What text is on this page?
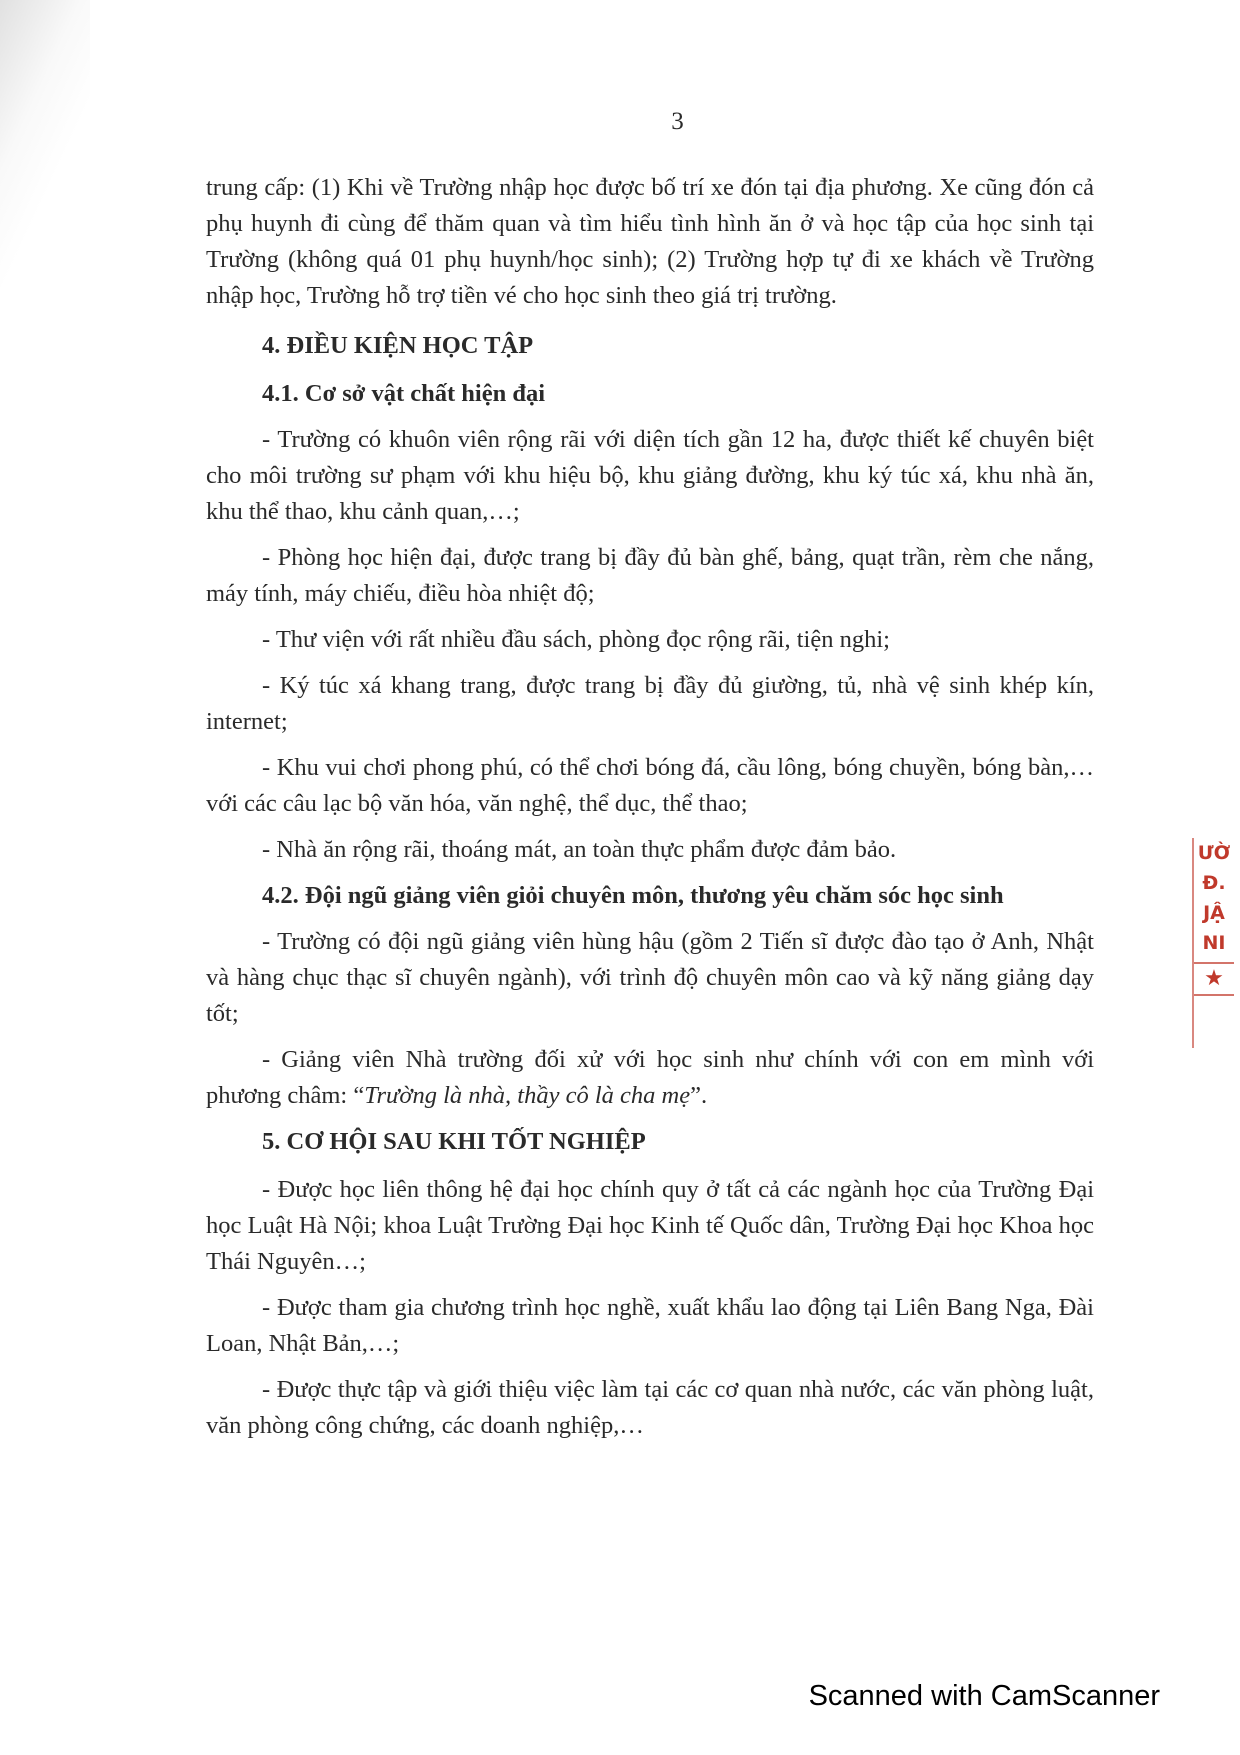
3

trung cấp: (1) Khi về Trường nhập học được bố trí xe đón tại địa phương. Xe cũng đón cả phụ huynh đi cùng để thăm quan và tìm hiểu tình hình ăn ở và học tập của học sinh tại Trường (không quá 01 phụ huynh/học sinh); (2) Trường hợp tự đi xe khách về Trường nhập học, Trường hỗ trợ tiền vé cho học sinh theo giá trị trường.

4. ĐIỀU KIỆN HỌC TẬP
4.1. Cơ sở vật chất hiện đại

- Trường có khuôn viên rộng rãi với diện tích gần 12 ha, được thiết kế chuyên biệt cho môi trường sư phạm với khu hiệu bộ, khu giảng đường, khu ký túc xá, khu nhà ăn, khu thể thao, khu cảnh quan,…;

- Phòng học hiện đại, được trang bị đầy đủ bàn ghế, bảng, quạt trần, rèm che nắng, máy tính, máy chiếu, điều hòa nhiệt độ;

- Thư viện với rất nhiều đầu sách, phòng đọc rộng rãi, tiện nghi;

- Ký túc xá khang trang, được trang bị đầy đủ giường, tủ, nhà vệ sinh khép kín, internet;

- Khu vui chơi phong phú, có thể chơi bóng đá, cầu lông, bóng chuyền, bóng bàn,… với các câu lạc bộ văn hóa, văn nghệ, thể dục, thể thao;

- Nhà ăn rộng rãi, thoáng mát, an toàn thực phẩm được đảm bảo.

4.2. Đội ngũ giảng viên giỏi chuyên môn, thương yêu chăm sóc học sinh

- Trường có đội ngũ giảng viên hùng hậu (gồm 2 Tiến sĩ được đào tạo ở Anh, Nhật và hàng chục thạc sĩ chuyên ngành), với trình độ chuyên môn cao và kỹ năng giảng dạy tốt;

- Giảng viên Nhà trường đối xử với học sinh như chính với con em mình với phương châm: “Trường là nhà, thầy cô là cha mẹ”.

5. CƠ HỘI SAU KHI TỐT NGHIỆP

- Được học liên thông hệ đại học chính quy ở tất cả các ngành học của Trường Đại học Luật Hà Nội; khoa Luật Trường Đại học Kinh tế Quốc dân, Trường Đại học Khoa học Thái Nguyên…;

- Được tham gia chương trình học nghề, xuất khẩu lao động tại Liên Bang Nga, Đài Loan, Nhật Bản,…;

- Được thực tập và giới thiệu việc làm tại các cơ quan nhà nước, các văn phòng luật, văn phòng công chứng, các doanh nghiệp,…

ƯỜ
Đ.
JẬ
NI
★
Scanned with CamScanner
